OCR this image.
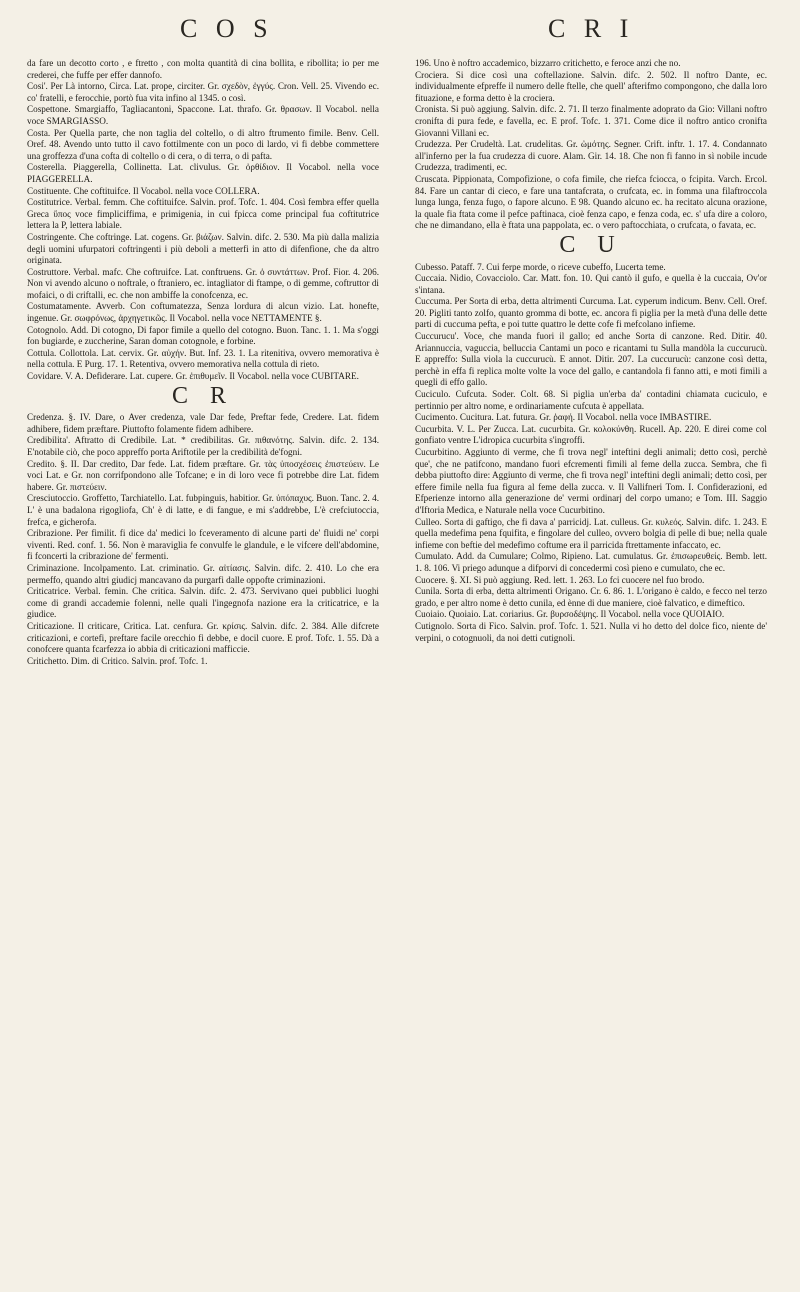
C O S	C R I

da fare un decotto corto , e ftretto , con molta quantità di cina bollita, e ribollita; io per me crederei, che fuffe per effer dannofo.

Cosi'. Per Là intorno, Circa. Lat. prope, circiter. Gr. σχεδὸν, ἐγγύς. Cron. Vell. 25. Vivendo ec. co' fratelli, e ferocchie, portò fua vita infino al 1345. o così.

Cospettone. Smargiaffo, Tagliacantoni, Spaccone. Lat. thrafo. Gr. θρασων. Il Vocabol. nella voce SMARGIASSO.

Costa. Per Quella parte, che non taglia del coltello, o di altro ftrumento fimile. Benv. Cell. Oref. 48. Avendo unto tutto il cavo fottilmente con un poco di lardo, vi fi debbe commettere una groffezza d'una cofta di coltello o di cera, o di terra, o di pafta.

Costerella. Piaggerella, Collinetta. Lat. clivulus. Gr. ὀρθίδιον. Il Vocabol. nella voce PIAGGERELLA.

Costituente. Che coftituifce. Il Vocabol. nella voce COLLERA.

Costitutrice. Verbal. femm. Che coftituifce. Salvin. prof. Tofc. 1. 404. Così fembra effer quella Greca ὕπος voce fimpliciffima, e primigenia, in cui fpicca come principal fua coftitutrice lettera la P, lettera labiale.

Costringente. Che coftringe. Lat. cogens. Gr. βιάζων. Salvin. difc. 2. 530. Ma più dalla malizia degli uomini ufurpatori coftringenti i più deboli a metterfi in atto di difenfione, che da altro originata.

Costruttore. Verbal. mafc. Che coftruifce. Lat. conftruens. Gr. ὁ συντάττων. Prof. Fior. 4. 206. Non vi avendo alcuno o noftrale, o ftraniero, ec. intagliator di ftampe, o di gemme, coftruttor di mofaici, o di criftalli, ec. che non ambiffe la conofcenza, ec.

Costumatamente. Avverb. Con coftumatezza, Senza lordura di alcun vizio. Lat. honefte, ingenue. Gr. σωφρόνως, ἀρχηγετικῶς. Il Vocabol. nella voce NETTAMENTE §.

Cotognolo. Add. Di cotogno, Di fapor fimile a quello del cotogno. Buon. Tanc. 1. 1. Ma s'oggi fon bugiarde, e zuccherine, Saran doman cotognole, e forbine.

Cottula. Collottola. Lat. cervix. Gr. αὐχήν. But. Inf. 23. 1. La ritenitiva, ovvero memorativa è nella cottula. E Purg. 17. 1. Retentiva, ovvero memorativa nella cottula di rieto.

Covidare. V. A. Defiderare. Lat. cupere. Gr. ἐπιθυμεῖν. Il Vocabol. nella voce CUBITARE.

C R

Credenza. §. IV. Dare, o Aver credenza, vale Dar fede, Preftar fede, Credere. Lat. fidem adhibere, fidem præftare. Piuttofto folamente fidem adhibere.

Credibilita'. Aftratto di Credibile. Lat. * credibilitas. Gr. πιθανότης. Salvin. difc. 2. 134. E'notabile ciò, che poco appreffo porta Ariftotile per la credibilità de'fogni.

Credito. §. II. Dar credito, Dar fede. Lat. fidem præftare. Gr. τὰς ὑποσχέσεις ἐπιστεύειν. Le voci Lat. e Gr. non corrifpondono alle Tofcane; e in di loro vece fi potrebbe dire Lat. fidem habere. Gr. πιστεύειν.

Cresciutoccio. Groffetto, Tarchiatello. Lat. fubpinguis, habitior. Gr. ὑπόπαχυς. Buon. Tanc. 2. 4. L' è una badalona rigogliofa, Ch' è di latte, e di fangue, e mi s'addrebbe, L'è crefciutoccia, frefca, e gicherofa.

Cribrazione. Per fimilit. fi dice da' medici lo fceveramento di alcune parti de' fluidi ne' corpi viventi. Red. conf. 1. 56. Non è maraviglia fe convulfe le glandule, e le vifcere dell'abdomine, fi fconcerti la cribrazione de' fermenti.

Criminazione. Incolpamento. Lat. criminatio. Gr. αἰτίασις. Salvin. difc. 2. 410. Lo che era permeffo, quando altri giudicj mancavano da purgarfi dalle oppofte criminazioni.

Criticatrice. Verbal. femin. Che critica. Salvin. difc. 2. 473. Servivano quei pubblici luoghi come di grandi accademie folenni, nelle quali l'ingegnofa nazione era la criticatrice, e la giudice.

Criticazione. Il criticare, Critica. Lat. cenfura. Gr. κρίσις. Salvin. difc. 2. 384. Alle difcrete criticazioni, e cortefi, preftare facile orecchio fi debbe, e docil cuore. E prof. Tofc. 1. 55. Dà a conofcere quanta fcarfezza io abbia di criticazioni mafficcie.

Critichetto. Dim. di Critico. Salvin. prof. Tofc. 1.

196. Uno è noftro accademico, bizzarro critichetto, e feroce anzi che no.

Crociera. Si dice così una coftellazione. Salvin. difc. 2. 502. Il noftro Dante, ec. individualmente efpreffe il numero delle ftelle, che quell' afterifmo compongono, che dalla loro fituazione, e forma detto è la crociera.

Cronista. Si può aggiung. Salvin. difc. 2. 71. Il terzo finalmente adoprato da Gio: Villani noftro cronifta di pura fede, e favella, ec. E prof. Tofc. 1. 371. Come dice il noftro antico cronifta Giovanni Villani ec.

Crudezza. Per Crudeltà. Lat. crudelitas. Gr. ὠμότης. Segner. Crift. inftr. 1. 17. 4. Condannato all'inferno per la fua crudezza di cuore. Alam. Gir. 14. 18. Che non fi fanno in sì nobile incude Crudezza, tradimenti, ec.

Cruscata. Pippionata, Compofizione, o cofa fimile, che riefca fciocca, o fcipita. Varch. Ercol. 84. Fare un cantar di cieco, e fare una tantafcrata, o crufcata, ec. in fomma una filaftroccola lunga lunga, fenza fugo, o fapore alcuno. E 98. Quando alcuno ec. ha recitato alcuna orazione, la quale fia ftata come il pefce paftinaca, cioè fenza capo, e fenza coda, ec. s' ufa dire a coloro, che ne dimandano, ella è ftata una pappolata, ec. o vero paftocchiata, o crufcata, o favata, ec.

C U

Cubesso. Pataff. 7. Cui ferpe morde, o riceve cubeffo, Lucerta teme.

Cuccaia. Nidio, Covacciolo. Car. Matt. fon. 10. Qui cantò il gufo, e quella è la cuccaia, Ov'or s'intana.

Cuccuma. Per Sorta di erba, detta altrimenti Curcuma. Lat. cyperum indicum. Benv. Cell. Oref. 20. Pigliti tanto zolfo, quanto gromma di botte, ec. ancora fi piglia per la metà d'una delle dette parti di cuccuma pefta, e poi tutte quattro le dette cofe fi mefcolano infieme.

Cuccurucu'. Voce, che manda fuori il gallo; ed anche Sorta di canzone. Red. Ditir. 40. Ariannuccia, vaguccia, belluccia Cantami un poco e ricantami tu Sulla mandòla la cuccurucù. E appreffo: Sulla viola la cuccurucù. E annot. Ditir. 207. La cuccurucù: canzone così detta, perchè in effa fi replica molte volte la voce del gallo, e cantandola fi fanno atti, e moti fimili a quegli di effo gallo.

Cuciculo. Cufcuta. Soder. Colt. 68. Si piglia un'erba da' contadini chiamata cuciculo, e pertinnio per altro nome, e ordinariamente cufcuta è appellata.

Cucimento. Cucitura. Lat. futura. Gr. ῥαφή. Il Vocabol. nella voce IMBASTIRE.

Cucurbita. V. L. Per Zucca. Lat. cucurbita. Gr. κολοκύνθη. Rucell. Ap. 220. E direi come col gonfiato ventre L'idropica cucurbita s'ingroffi.

Cucurbitino. Aggiunto di verme, che fi trova negl' inteftini degli animali; detto così, perchè que', che ne patifcono, mandano fuori efcrementi fimili al feme della zucca. Sembra, che fi debba piuttofto dire: Aggiunto di verme, che fi trova negl' inteftini degli animali; detto così, per effere fimile nella fua figura al feme della zucca. v. Il Vallifneri Tom. I. Confiderazioni, ed Efperienze intorno alla generazione de' vermi ordinarj del corpo umano; e Tom. III. Saggio d'Iftoria Medica, e Naturale nella voce Cucurbitino.

Culleo. Sorta di gaftigo, che fi dava a' parricidj. Lat. culleus. Gr. κυλεός. Salvin. difc. 1. 243. E quella medefima pena fquifita, e fingolare del culleo, ovvero bolgia di pelle di bue; nella quale infieme con beftie del medefimo coftume era il parricida ftrettamente infaccato, ec.

Cumulato. Add. da Cumulare; Colmo, Ripieno. Lat. cumulatus. Gr. ἐπισωρευθείς. Bemb. lett. 1. 8. 106. Vi priego adunque a difporvi di concedermi così pieno e cumulato, che ec.

Cuocere. §. XI. Si può aggiung. Red. lett. 1. 263. Lo fci cuocere nel fuo brodo.

Cunila. Sorta di erba, detta altrimenti Origano. Cr. 6. 86. 1. L'origano è caldo, e fecco nel terzo grado, e per altro nome è detto cunila, ed ènne di due maniere, cioè falvatico, e dimeftico.

Cuoiaio. Quoiaio. Lat. coriarius. Gr. βυρσοδέψης. Il Vocabol. nella voce QUOIAIO.

Cutignolo. Sorta di Fico. Salvin. prof. Tofc. 1. 521. Nulla vi ho detto del dolce fico, niente de' verpini, o cotognuoli, da noi detti cutignoli.
